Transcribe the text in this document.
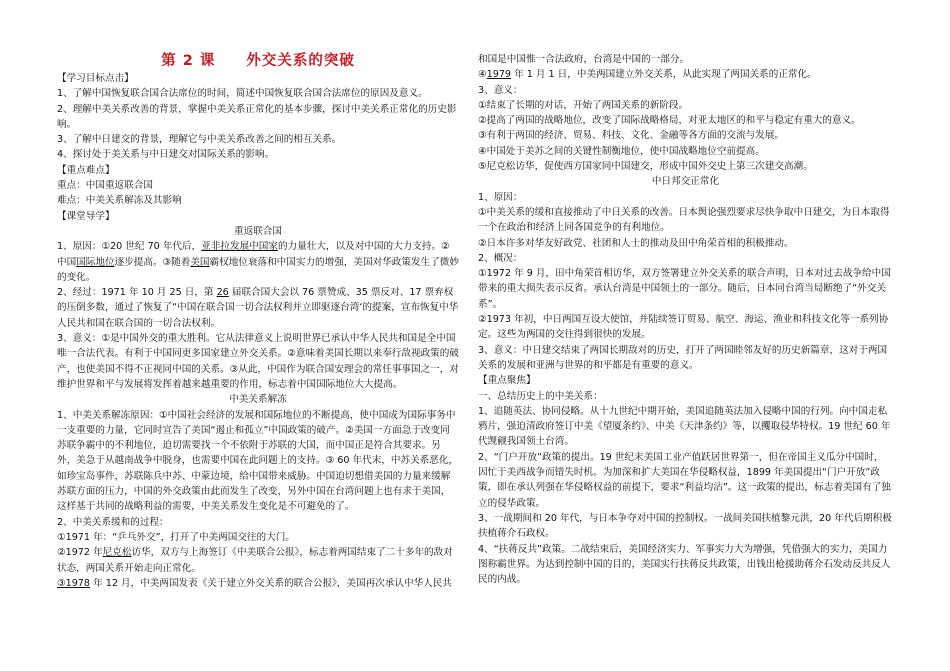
第 2 课　　外交关系的突破

【学习目标点击】

1、了解中国恢复联合国合法席位的时间，简述中国恢复联合国合法席位的原因及意义。

2、理解中美关系改善的背景，掌握中美关系正常化的基本步骤，探讨中美关系正常化的历史影响。

3、了解中日建交的背景，理解它与中美关系改善之间的相互关系。

4、探讨处于美关系与中日建交对国际关系的影响。

【重点难点】

重点：中国重返联合国

难点：中美关系解冻及其影响

【课堂导学】

重返联合国

1、原因：①20 世纪 70 年代后，亚非拉发展中国家的力量壮大，以及对中国的大力支持。②中国国际地位逐步提高。③随着美国霸权地位衰落和中国实力的增强，美国对华政策发生了微妙的变化。

2、经过：1971 年 10 月 25 日，第 26 届联合国大会以 76 票赞成、35 票反对、17 票弃权的压倒多数，通过了恢复了“中国在联合国一切合法权利并立即驱逐台湾‘的提案，宣布恢复中华人民共和国在联合国的一切合法权利。

3、意义：①是中国外交的重大胜利。它从法律意义上说明世界已承认中华人民共和国是全中国唯一合法代表。有利于中国同更多国家建立外交关系。②意味着美国长期以来奉行敌视政策的破产，也使美国不得不正视同中国的关系。③从此，中国作为联合国安理会的常任事事国之一，对维护世界和平与发展将发挥着越来越重要的作用，标志着中国国际地位大大提高。

中美关系解冻

1、中美关系解冻原因：①中国社会经济的发展和国际地位的不断提高，使中国成为国际事务中一支重要的力量，它同时宣告了美国“遏止和孤立”中国政策的破产。②美国一方面急于改变同苏联争霸中的不利地位，迫切需要找一个不依附于苏联的大国，而中国正是符合其要求。另外，美急于从越南战争中脱身，也需要中国在此问题上的支持。③ 60 年代末，中苏关系恶化，如珍宝岛事件，苏联陈兵中苏、中蒙边境，给中国带来威胁。中国迫切想借美国的力量来缓解苏联方面的压力，中国的外交政策由此而发生了改变，另外中国在台湾问题上也有求于美国，这样基于共同的战略利益的需要，中美关系发生变化是不可避免的了。

2、中美关系缓和的过程：

①1971 年：“乒乓外交”，打开了中美两国交往的大门。

②1972 年尼克松访华，双方与上海签订《中美联合公报》，标志着两国结束了二十多年的敌对状态，两国关系开始走向正常化。

③1978 年 12 月，中美两国发表《关于建立外交关系的联合公报》，美国再次承认中华人民共

和国是中国惟一合法政府，台湾是中国的一部分。

④1979 年 1 月 1 日，中美两国建立外交关系，从此实现了两国关系的正常化。

3、意义：

①结束了长期的对话，开始了两国关系的新阶段。

②提高了两国的战略地位，改变了国际战略格局，对亚太地区的和平与稳定有重大的意义。

③有利于两国的经济、贸易、科技、文化、金融等各方面的交流与发展。

④中国处于美苏之间的关键性制衡地位，使中国战略地位空前提高。

⑤尼克松访华，促使西方国家同中国建交，形成中国外交史上第三次建交高潮。

中日邦交正常化

1、原因：

①中美关系的缓和直接推动了中日关系的改善。日本舆论强烈要求尽快争取中日建交，为日本取得一个在政治和经济上同各国竞争的有利地位。

②日本许多对华友好政党、社团和人士的推动及田中角荣首相的积极推动。

2、概况：

①1972 年 9 月，田中角荣首相访华，双方签署建立外交关系的联合声明，日本对过去战争给中国带来的重大损失表示反省。承认台湾是中国领土的一部分。随后，日本同台湾当局断绝了“外交关系”。

②1973 年初，中日两国互设大使馆，并陆续签订贸易、航空、海运、渔业和科技文化等一系列协定。这些为两国的交往得到很快的发展。

3、意义：中日建交结束了两国长期敌对的历史，打开了两国睦邻友好的历史新篇章，这对于两国关系的发展和亚洲与世界的和平都是有重要的意义。

【重点聚焦】

一、总结历史上的中美关系：

1、追随英法、协同侵略。从十九世纪中期开始，美国追随英法加入侵略中国的行列。向中国走私鸦片，强迫清政府签订中美《望厦条约》、中美《天津条约》等，以攫取侵华特权。19 世纪 60 年代觊觎我国领土台湾。

2、“门户开放”政策的提出。19 世纪末美国工业产值跃居世界第一，但在帝国主义瓜分中国时，因忙于美西战争而错失时机。为加深和扩大美国在华侵略权益，1899 年美国提出“门户开放”政策，即在承认列强在华侵略权益的前提下，要求“利益均沾”。这一政策的提出，标志着美国有了独立的侵华政策。

3、一战期间和 20 年代，与日本争夺对中国的控制权。一战间美国扶植黎元洪，20 年代后期积极扶植蒋介石政权。

4、“扶蒋反共”政策。二战结束后，美国经济实力、军事实力大为增强，凭借强大的实力，美国力图称霸世界。为达到控制中国的目的，美国实行扶蒋反共政策，出钱出枪援助蒋介石发动反共反人民的内战。
